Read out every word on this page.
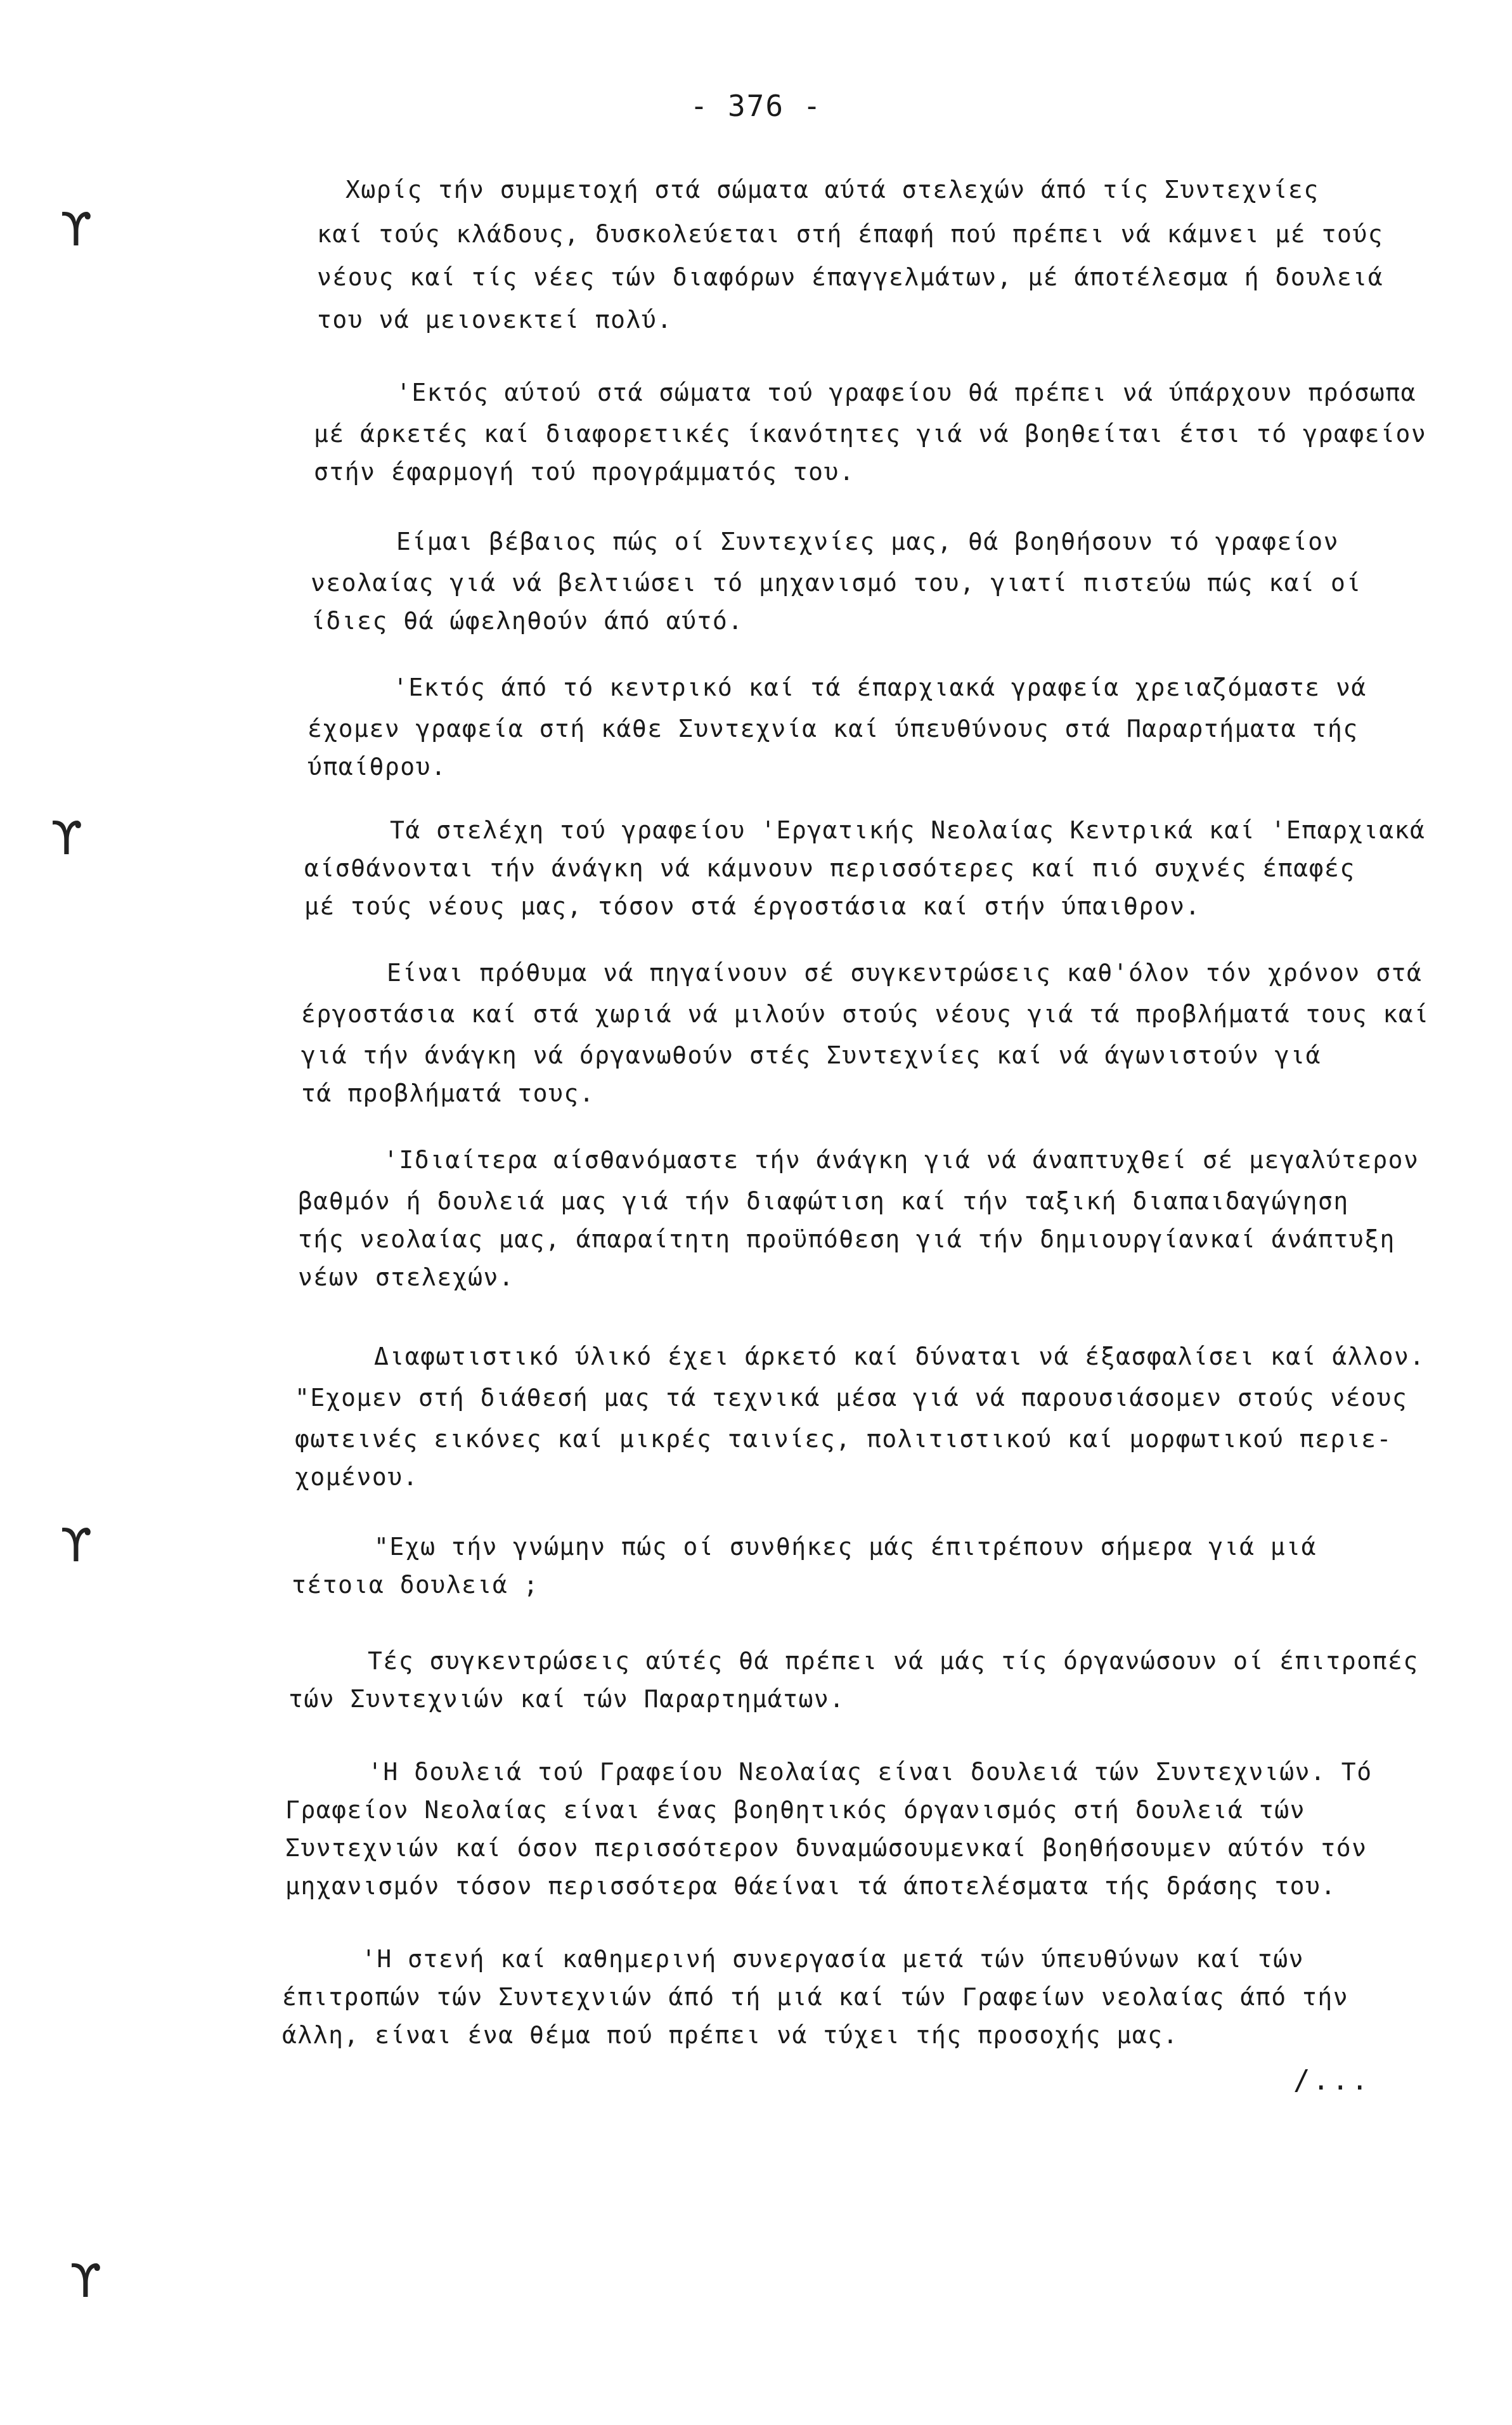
- 376 -
Χωρίς τήν συμμετοχή στά σώματα αύτά στελεχών άπό τίς Συντεχνίες
καί τούς κλάδους, δυσκολεύεται στή έπαφή πού πρέπει νά κάμνει μέ τούς
νέους καί τίς νέες τών διαφόρων έπαγγελμάτων, μέ άποτέλεσμα ή δουλειά
του νά μειονεκτεί πολύ.
'Εκτός αύτού στά σώματα τού γραφείου θά πρέπει νά ύπάρχουν πρόσωπα
μέ άρκετές καί διαφορετικές ίκανότητες γιά νά βοηθείται έτσι τό γραφείον
στήν έφαρμογή τού προγράμματός του.
Είμαι βέβαιος πώς οί Συντεχνίες μας, θά βοηθήσουν τό γραφείον
νεολαίας γιά νά βελτιώσει τό μηχανισμό του, γιατί πιστεύω πώς καί οί
ίδιες θά ώφεληθούν άπό αύτό.
'Εκτός άπό τό κεντρικό καί τά έπαρχιακά γραφεία χρειαζόμαστε νά
έχομεν γραφεία στή κάθε Συντεχνία καί ύπευθύνους στά Παραρτήματα τής
ύπαίθρου.
Τά στελέχη τού γραφείου 'Εργατικής Νεολαίας Κεντρικά καί 'Επαρχιακά
αίσθάνονται τήν άνάγκη νά κάμνουν περισσότερες καί πιό συχνές έπαφές
μέ τούς νέους μας, τόσον στά έργοστάσια καί στήν ύπαιθρον.
Είναι πρόθυμα νά πηγαίνουν σέ συγκεντρώσεις καθ'όλον τόν χρόνον στά
έργοστάσια καί στά χωριά νά μιλούν στούς νέους γιά τά προβλήματά τους καί
γιά τήν άνάγκη νά όργανωθούν στές Συντεχνίες καί νά άγωνιστούν γιά
τά προβλήματά τους.
'Ιδιαίτερα αίσθανόμαστε τήν άνάγκη γιά νά άναπτυχθεί σέ μεγαλύτερον
βαθμόν ή δουλειά μας γιά τήν διαφώτιση καί τήν ταξική διαπαιδαγώγηση
τής νεολαίας μας, άπαραίτητη προϋπόθεση γιά τήν δημιουργίανκαί άνάπτυξη
νέων στελεχών.
Διαφωτιστικό ύλικό έχει άρκετό καί δύναται νά έξασφαλίσει καί άλλον.
"Εχομεν στή διάθεσή μας τά τεχνικά μέσα γιά νά παρουσιάσομεν στούς νέους
φωτεινές εικόνες καί μικρές ταινίες, πολιτιστικού καί μορφωτικού περιε-
χομένου.
"Εχω τήν γνώμην πώς οί συνθήκες μάς έπιτρέπουν σήμερα γιά μιά
τέτοια δουλειά ;
Τές συγκεντρώσεις αύτές θά πρέπει νά μάς τίς όργανώσουν οί έπιτροπές
τών Συντεχνιών καί τών Παραρτημάτων.
'Η δουλειά τού Γραφείου Νεολαίας είναι δουλειά τών Συντεχνιών. Τό
Γραφείον Νεολαίας είναι ένας βοηθητικός όργανισμός στή δουλειά τών
Συντεχνιών καί όσον περισσότερον δυναμώσουμενκαί βοηθήσουμεν αύτόν τόν
μηχανισμόν τόσον περισσότερα θάείναι τά άποτελέσματα τής δράσης του.
'Η στενή καί καθημερινή συνεργασία μετά τών ύπευθύνων καί τών
έπιτροπών τών Συντεχνιών άπό τή μιά καί τών Γραφείων νεολαίας άπό τήν
άλλη, είναι ένα θέμα πού πρέπει νά τύχει τής προσοχής μας.
/...
ϒ
ϒ
ϒ
ϒ
